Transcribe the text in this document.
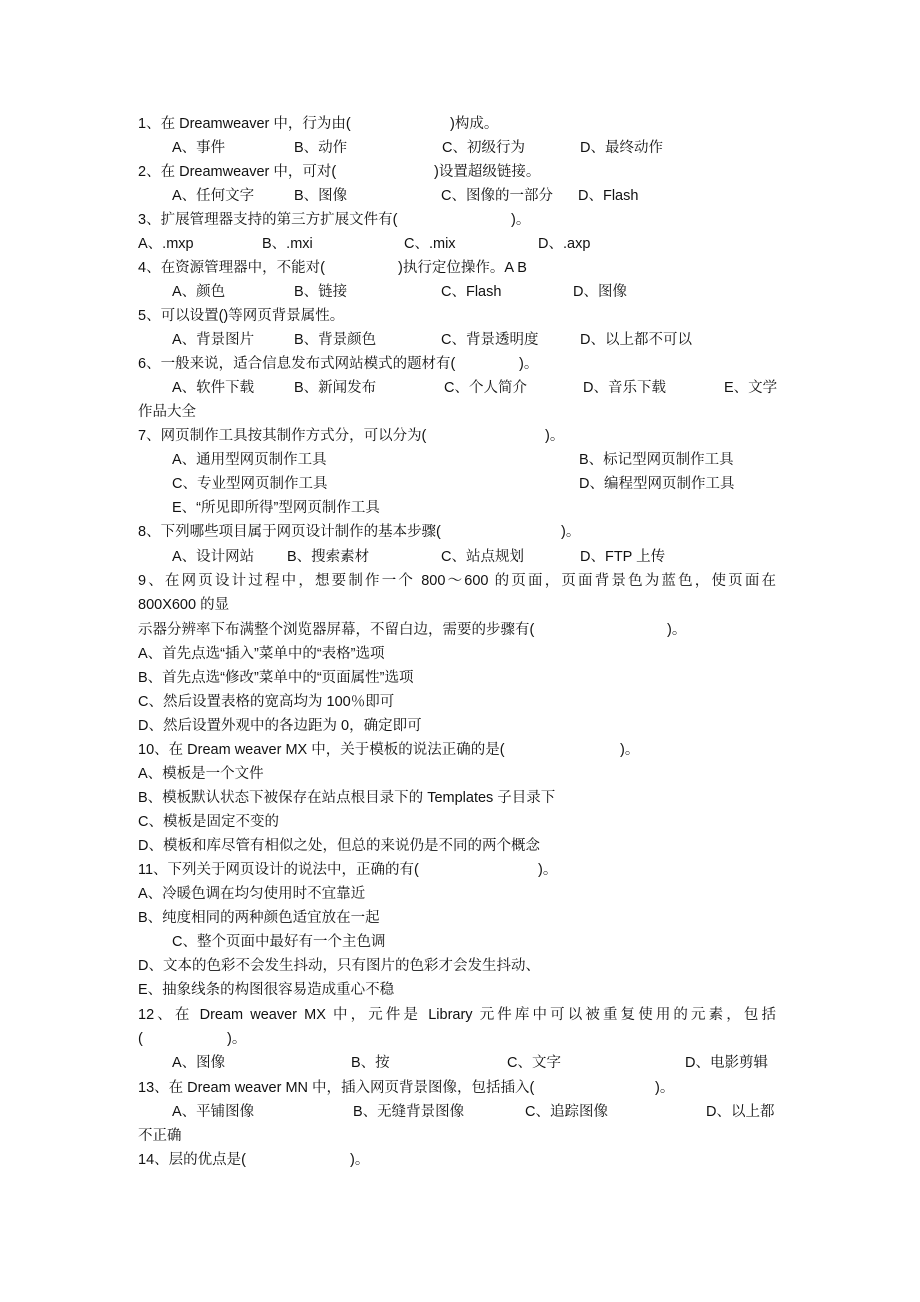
1、在 Dreamweaver 中，行为由(	)构成。
A、事件	B、动作	C、初级行为	D、最终动作
2、在 Dreamweaver 中，可对(	)设置超级链接。
A、任何文字	B、图像	C、图像的一部分 D、Flash
3、扩展管理器支持的第三方扩展文件有(	)。
A、.mxp	B、.mxi	C、.mix	D、.axp
4、在资源管理器中，不能对(	)执行定位操作。A B
A、颜色	B、链接	C、Flash	D、图像
5、可以设置()等网页背景属性。
A、背景图片	B、背景颜色	C、背景透明度	D、以上都不可以
6、一般来说，适合信息发布式网站模式的题材有(	)。
A、软件下载	B、新闻发布	C、个人简介	D、音乐下载	E、文学
作品大全
7、网页制作工具按其制作方式分，可以分为(	)。
A、通用型网页制作工具	B、标记型网页制作工具
C、专业型网页制作工具	D、编程型网页制作工具
E、“所见即所得”型网页制作工具
8、下列哪些项目属于网页设计制作的基本步骤(	)。
A、设计网站 B、搜索素材	C、站点规划	D、FTP 上传
9、在网页设计过程中，想要制作一个 800～600 的页面，页面背景色为蓝色，使页面在
800X600 的显
示器分辨率下布满整个浏览器屏幕，不留白边，需要的步骤有(	)。
A、首先点选“插入”菜单中的“表格”选项
B、首先点选“修改”菜单中的“页面属性”选项
C、然后设置表格的宽高均为 100％即可
D、然后设置外观中的各边距为 0，确定即可
10、在 Dream weaver MX 中，关于模板的说法正确的是(	)。
A、模板是一个文件
B、模板默认状态下被保存在站点根目录下的 Templates 子目录下
C、模板是固定不变的
D、模板和库尽管有相似之处，但总的来说仍是不同的两个概念
11、下列关于网页设计的说法中，正确的有(	)。
A、冷暖色调在均匀使用时不宜靠近
B、纯度相同的两种颜色适宜放在一起
C、整个页面中最好有一个主色调
D、文本的色彩不会发生抖动，只有图片的色彩才会发生抖动、
E、抽象线条的构图很容易造成重心不稳
12、在 Dream weaver MX 中，元件是 Library 元件库中可以被重复使用的元素，包括
(	)。
A、图像	B、按	C、文字	D、电影剪辑
13、在 Dream weaver MN 中，插入网页背景图像，包括插入(	)。
A、平铺图像	B、无缝背景图像	C、追踪图像	D、以上都
不正确
14、层的优点是(	)。
